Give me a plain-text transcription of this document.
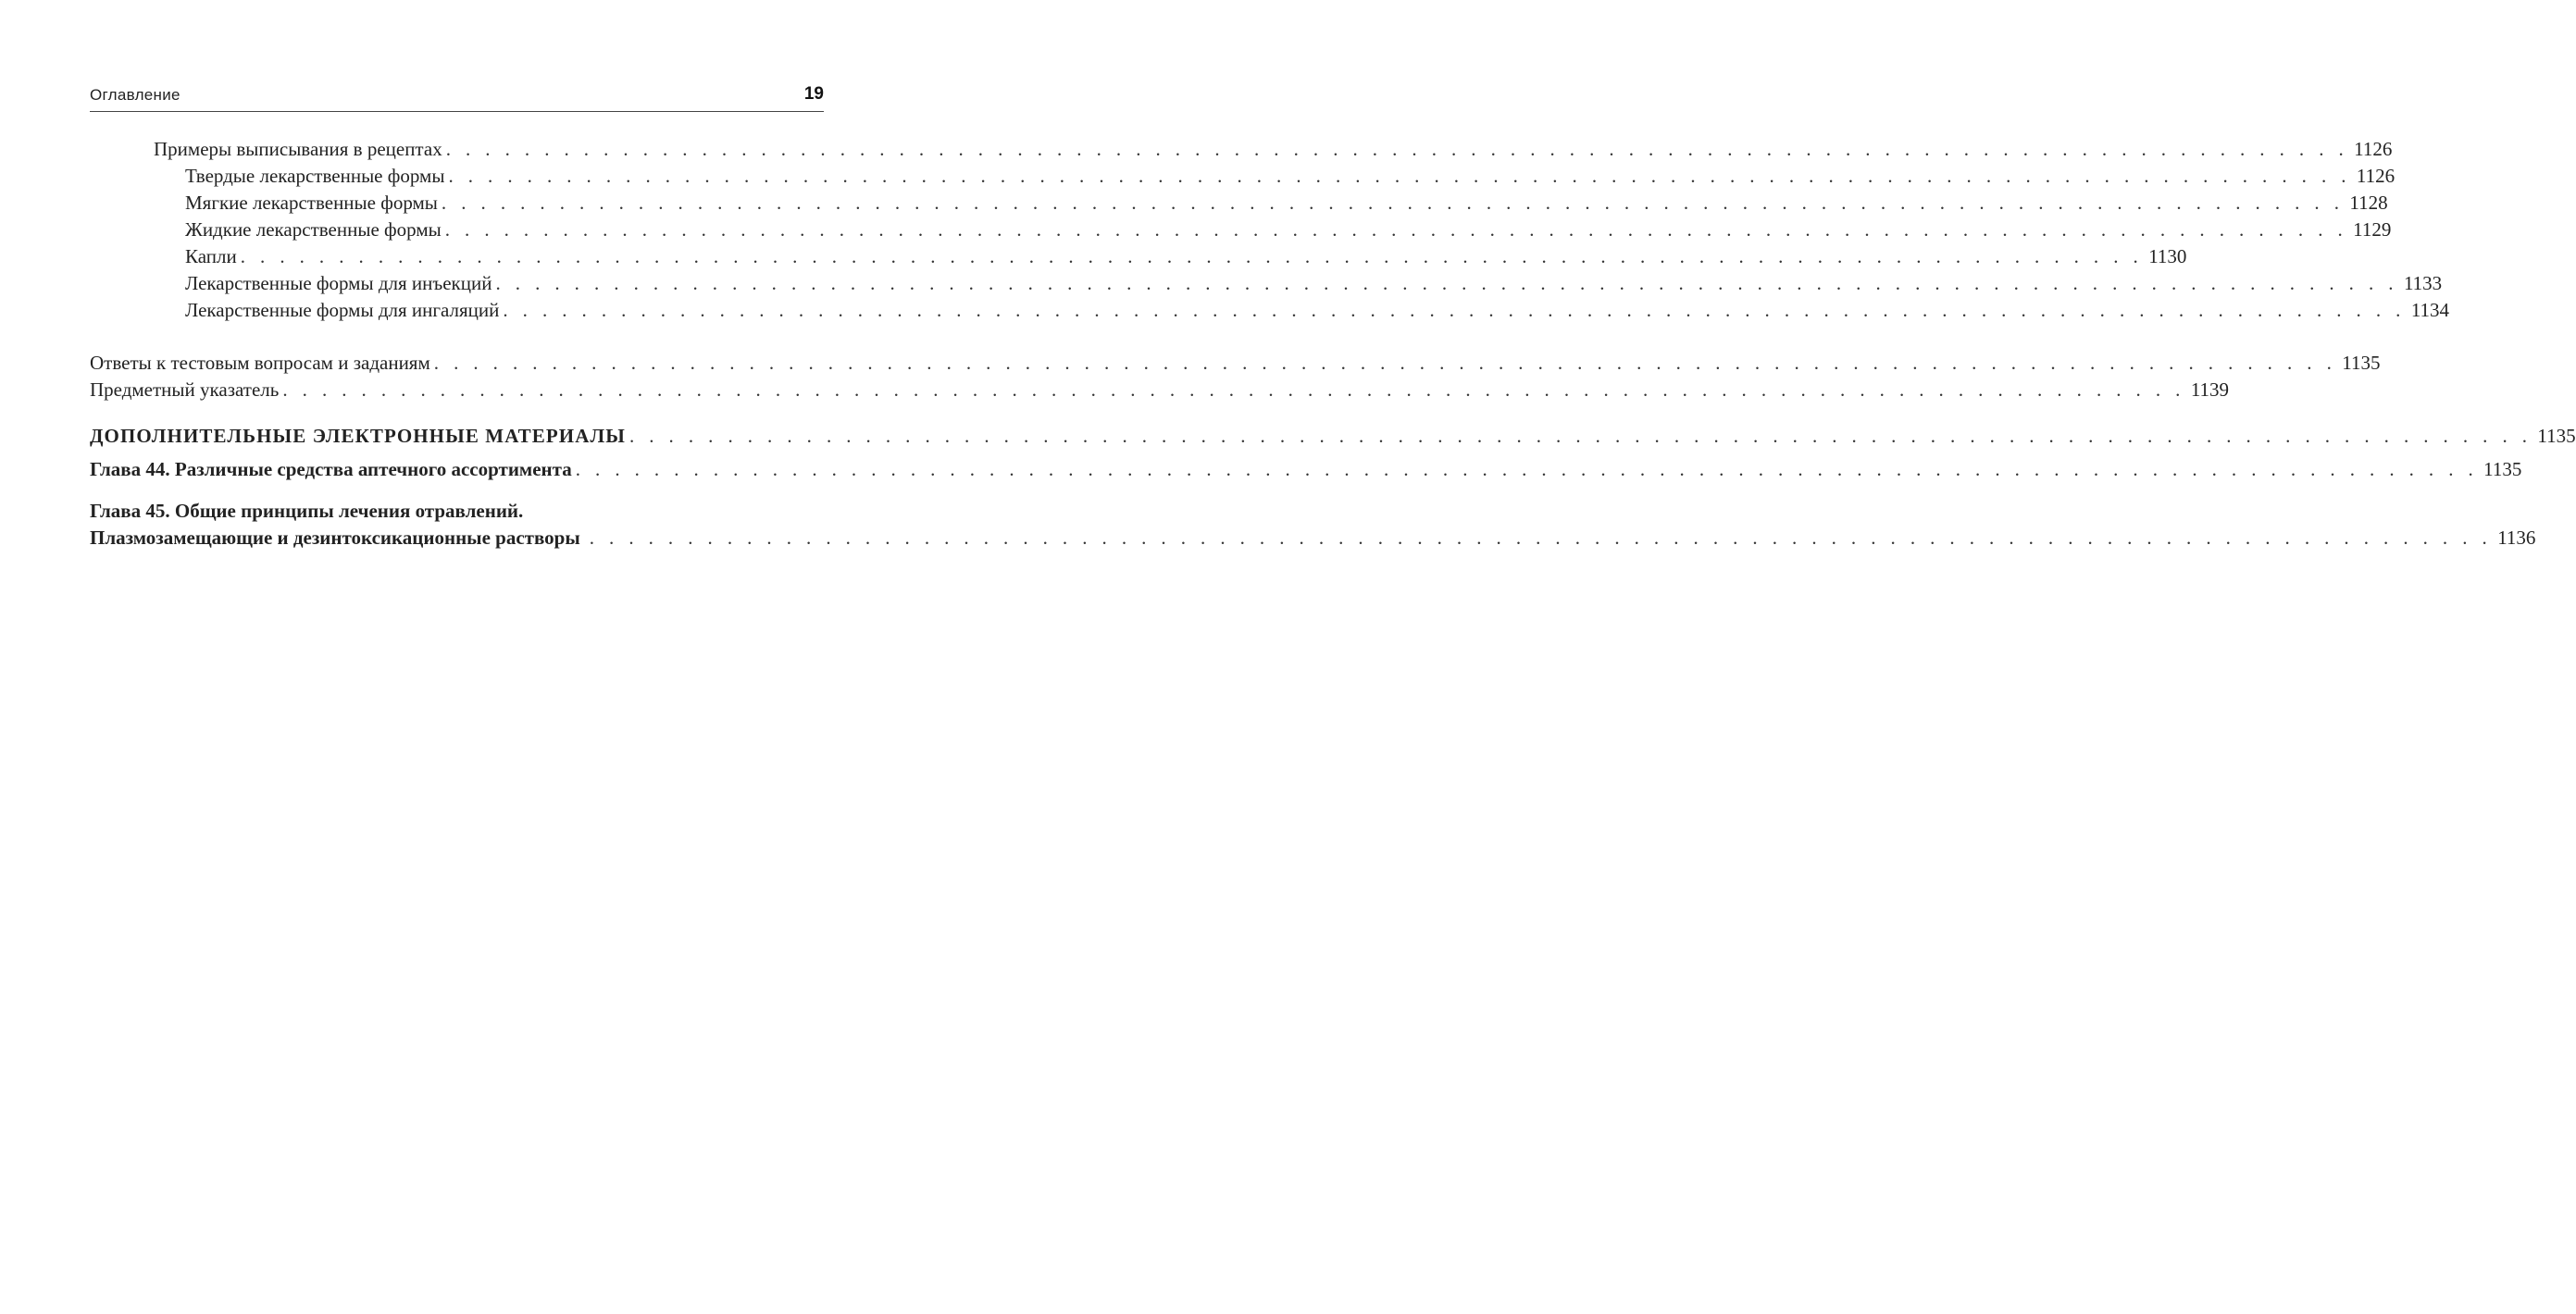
Оглавление	19
Примеры выписывания в рецептах . . . . . . . . . . . . . . . . . . . . . . . . . . . . . . . . . . . . . . . . . . . . . . . . . . . . . . . . . . . . . . . . . . . . . . . . . . . . . . . . . . . . . . . . . . . . . . . . . 1126
Твердые лекарственные формы . . . . . . . . . . . . . . . . . . . . . . . . . . . . . . . . . . . . . . . . . . . . . . . . . . . . . . . . . . . . . . . . . . . . . . . . . . . . . . . . . . . . . . . . . . . . . . . . . 1126
Мягкие лекарственные формы . . . . . . . . . . . . . . . . . . . . . . . . . . . . . . . . . . . . . . . . . . . . . . . . . . . . . . . . . . . . . . . . . . . . . . . . . . . . . . . . . . . . . . . . . . . . . . . . . 1128
Жидкие лекарственные формы . . . . . . . . . . . . . . . . . . . . . . . . . . . . . . . . . . . . . . . . . . . . . . . . . . . . . . . . . . . . . . . . . . . . . . . . . . . . . . . . . . . . . . . . . . . . . . . . . 1129
Капли . . . . . . . . . . . . . . . . . . . . . . . . . . . . . . . . . . . . . . . . . . . . . . . . . . . . . . . . . . . . . . . . . . . . . . . . . . . . . . . . . . . . . . . . . . . . . . . . . 1130
Лекарственные формы для инъекций . . . . . . . . . . . . . . . . . . . . . . . . . . . . . . . . . . . . . . . . . . . . . . . . . . . . . . . . . . . . . . . . . . . . . . . . . . . . . . . . . . . . . . . . . . . . . . . . . 1133
Лекарственные формы для ингаляций . . . . . . . . . . . . . . . . . . . . . . . . . . . . . . . . . . . . . . . . . . . . . . . . . . . . . . . . . . . . . . . . . . . . . . . . . . . . . . . . . . . . . . . . . . . . . . . . . 1134
Ответы к тестовым вопросам и заданиям . . . . . . . . . . . . . . . . . . . . . . . . . . . . . . . . . . . . . . . . . . . . . . . . . . . . . . . . . . . . . . . . . . . . . . . . . . . . . . . . . . . . . . . . . . . . . . . . . 1135
Предметный указатель . . . . . . . . . . . . . . . . . . . . . . . . . . . . . . . . . . . . . . . . . . . . . . . . . . . . . . . . . . . . . . . . . . . . . . . . . . . . . . . . . . . . . . . . . . . . . . . . . 1139
ДОПОЛНИТЕЛЬНЫЕ ЭЛЕКТРОННЫЕ МАТЕРИАЛЫ . . . . . . . . . . . . . . . . . . . . . . . . . . . . . . . . . . . . . . . . . . . . . . . . . . . . . . . . . . . . . . . . . . . . . . . . . . . . . . . . . . . . . . . . . . . . . . . . . 1135
Глава 44. Различные средства аптечного ассортимента . . . . . . . . . . . . . . . . . . . . . . . . . . . . . . . . . . . . . . . . . . . . . . . . . . . . . . . . . . . . . . . . . . . . . . . . . . . . . . . . . . . . . . . . . . . . . . . . . 1135
Глава 45. Общие принципы лечения отравлений.
Плазмозамещающие и дезинтоксикационные растворы . . . . . . . . . . . . . . . . . . . . . . . . . . . . . . . . . . . . . . . . . . . . . . . . . . . . . . . . . . . . . . . . . . . . . . . . . . . . . . . . . . . . . . . . . . . . . . . . . 1136
